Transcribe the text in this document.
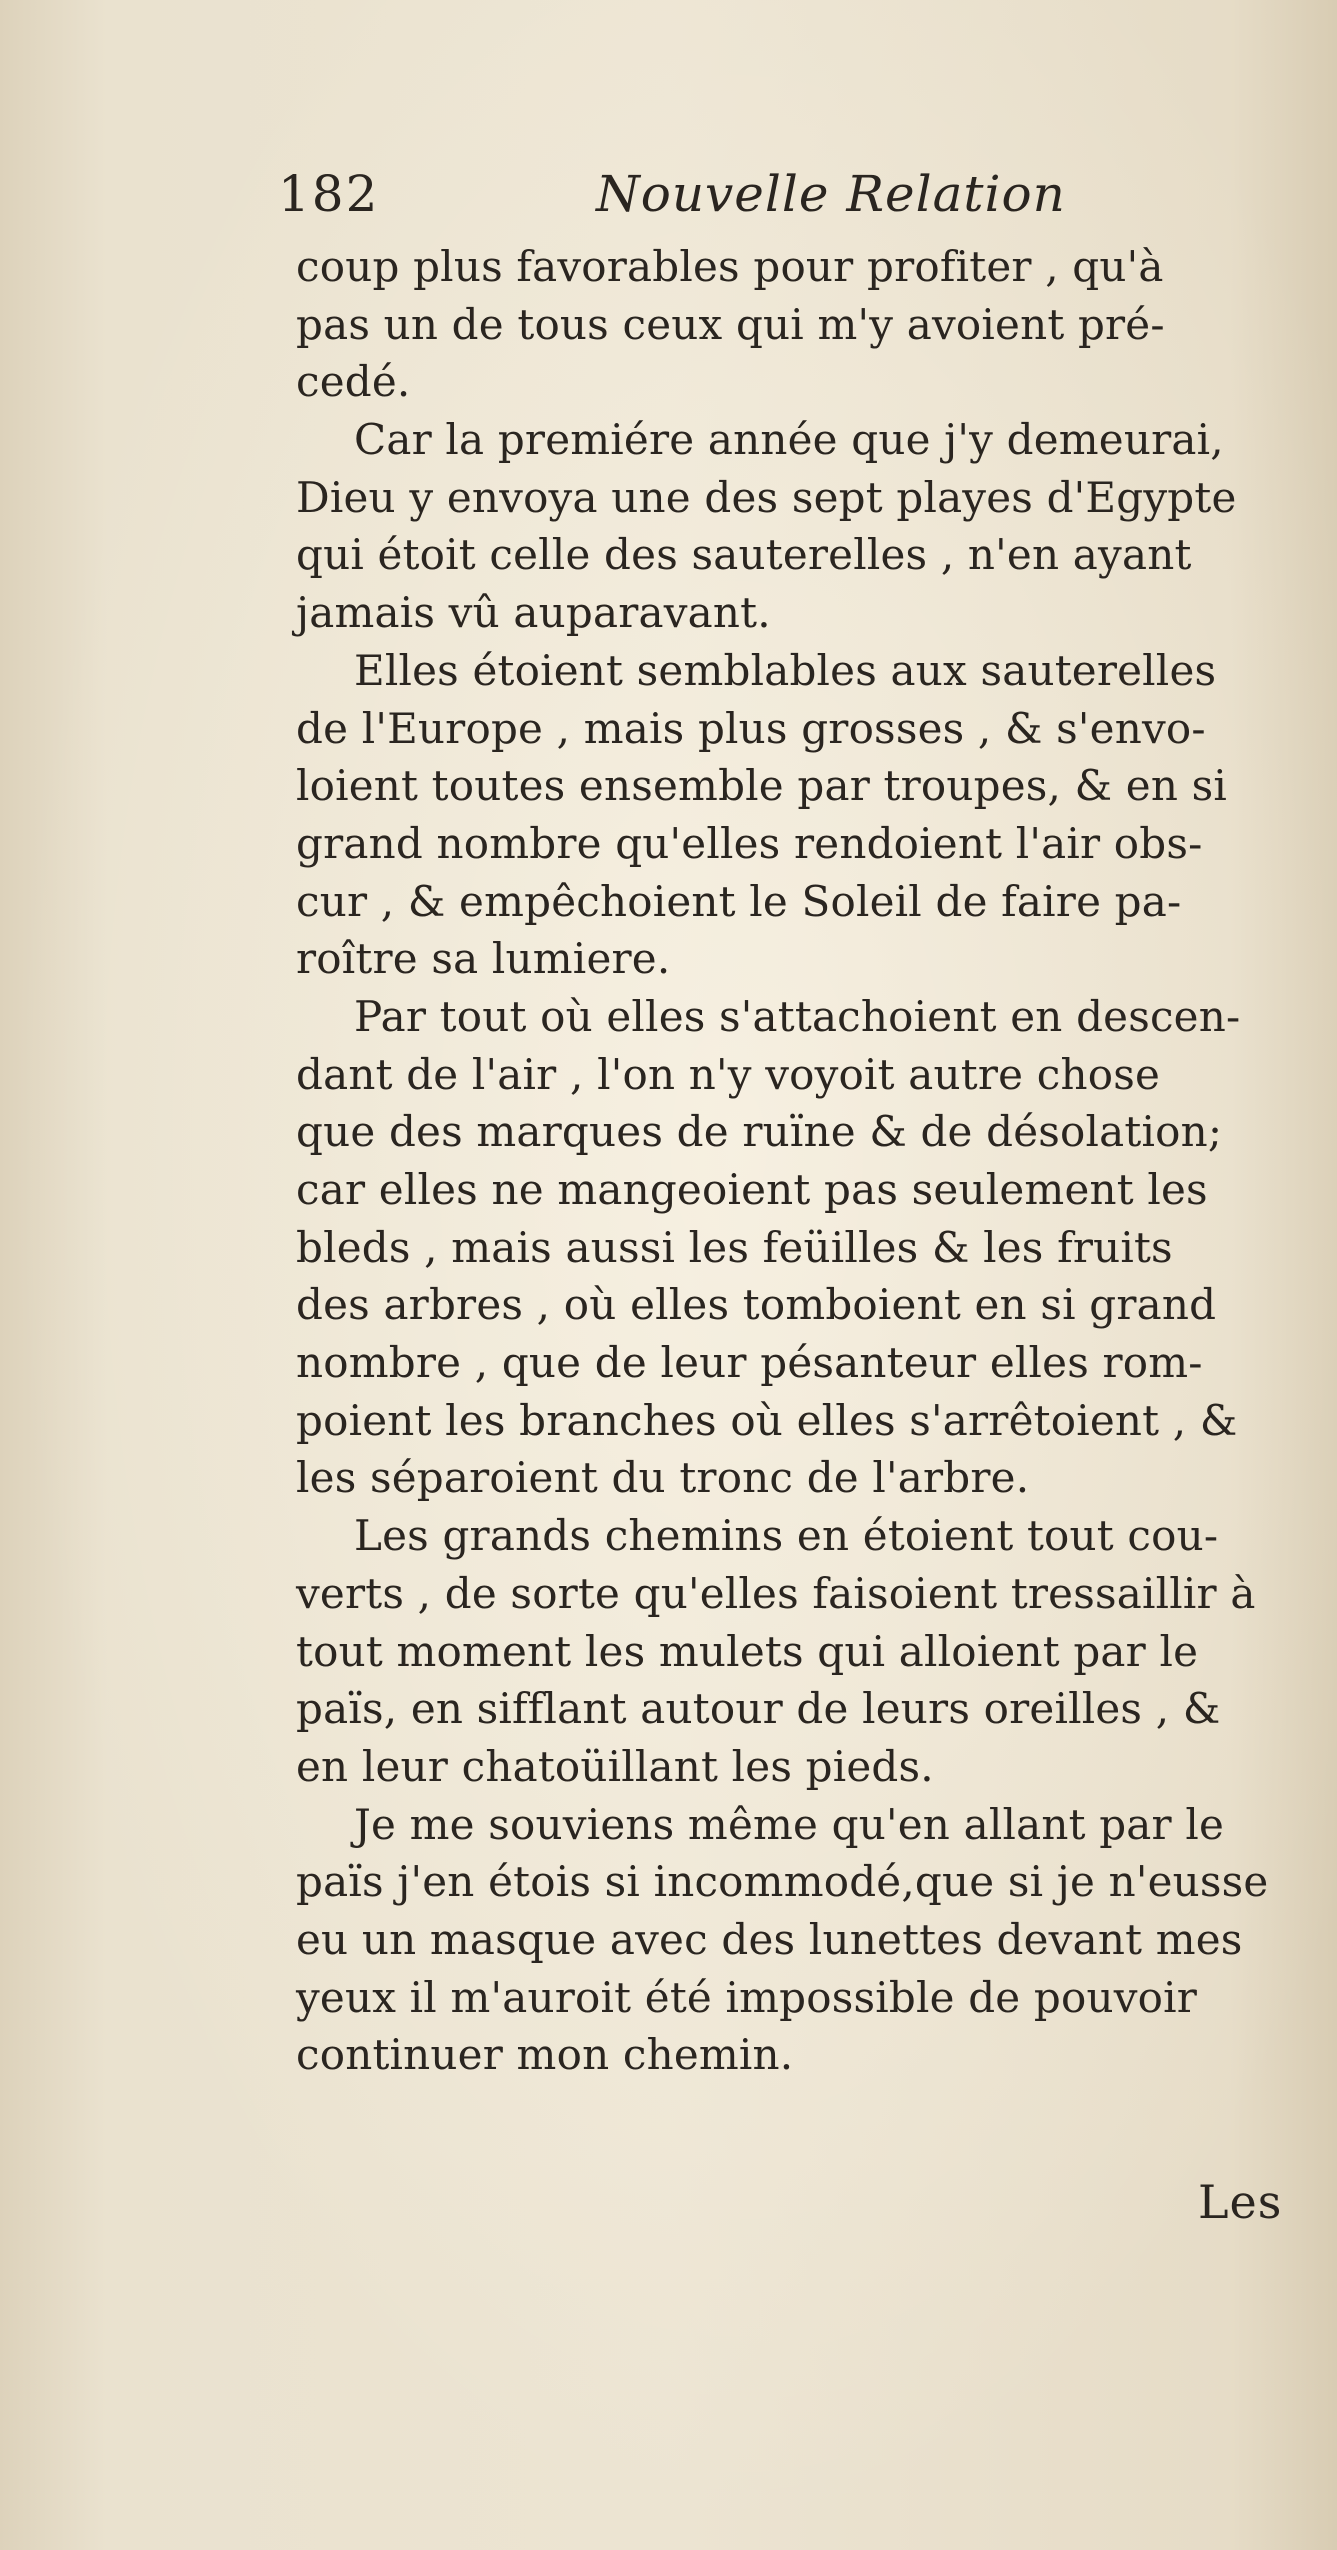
182	Nouvelle Relation
coup plus favorables pour profiter , qu'à
pas un de tous ceux qui m'y avoient pré-
cedé.
Car la premiére année que j'y demeurai,
Dieu y envoya une des sept playes d'Egypte
qui étoit celle des sauterelles , n'en ayant
jamais vû auparavant.
Elles étoient semblables aux sauterelles
de l'Europe , mais plus grosses , & s'envo-
loient toutes ensemble par troupes, & en si
grand nombre qu'elles rendoient l'air obs-
cur , & empêchoient le Soleil de faire pa-
roître sa lumiere.
Par tout où elles s'attachoient en descen-
dant de l'air , l'on n'y voyoit autre chose
que des marques de ruïne & de désolation;
car elles ne mangeoient pas seulement les
bleds , mais aussi les feüilles & les fruits
des arbres , où elles tomboient en si grand
nombre , que de leur pésanteur elles rom-
poient les branches où elles s'arrêtoient , &
les séparoient du tronc de l'arbre.
Les grands chemins en étoient tout cou-
verts , de sorte qu'elles faisoient tressaillir à
tout moment les mulets qui alloient par le
païs, en sifflant autour de leurs oreilles , &
en leur chatoüillant les pieds.
Je me souviens même qu'en allant par le
païs j'en étois si incommodé,que si je n'eusse
eu un masque avec des lunettes devant mes
yeux il m'auroit été impossible de pouvoir
continuer mon chemin.
Les
